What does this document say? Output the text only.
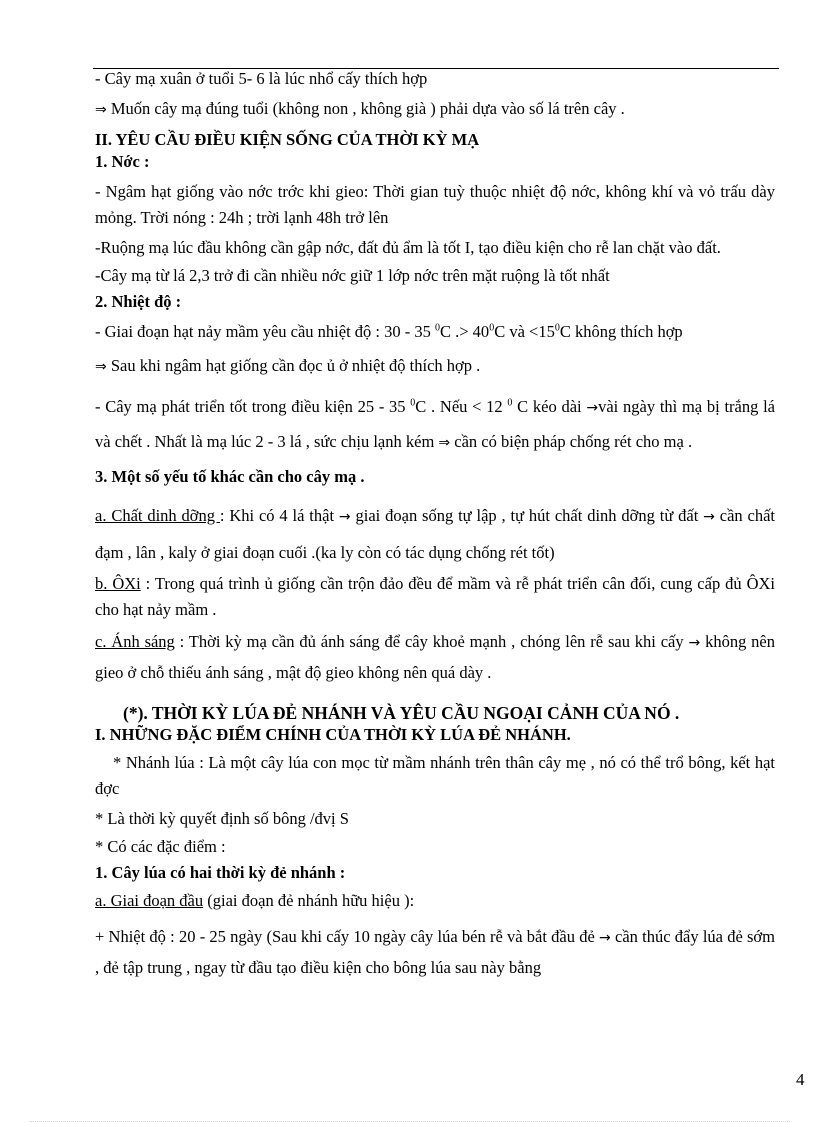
- Cây mạ xuân ở tuổi 5- 6 là lúc nhổ cấy thích hợp

⇒ Muốn cây mạ đúng tuổi (không non , không già ) phải dựa vào số lá trên cây .

II. YÊU CẦU ĐIỀU KIỆN SỐNG CỦA THỜI KỲ MẠ

1. Nớc :

- Ngâm hạt giống vào nớc trớc khi gieo: Thời gian tuỳ thuộc nhiệt độ nớc, không khí và vỏ trấu dày mỏng. Trời nóng : 24h ; trời lạnh 48h trở lên

-Ruộng mạ lúc đầu không cần gập nớc, đất đủ ẩm là tốt I, tạo điều kiện cho rễ lan chặt vào đất.

-Cây mạ từ lá 2,3 trở đi cần nhiều nớc giữ 1 lớp nớc trên mặt ruộng là tốt nhất

2. Nhiệt độ :

- Giai đoạn hạt nảy mầm yêu cầu nhiệt độ : 30 - 35 $^0$C .> $40^0C$ và $<15^0C$ không thích hợp

⇒ Sau khi ngâm hạt giống cần đọc ủ ở nhiệt độ thích hợp .

- Cây mạ phát triển tốt trong điều kiện 25 - 35 $^0$C . Nếu < 12 $^0$ C kéo dài →vài ngày thì mạ bị trắng lá và chết . Nhất là mạ lúc 2 - 3 lá , sức chịu lạnh kém ⇒ cần có biện pháp chống rét cho mạ .

3. Một số yếu tố khác cần cho cây mạ .

a. Chất dinh dỡng : Khi có 4 lá thật → giai đoạn sống tự lập , tự hút chất dinh dỡng từ đất → cần chất đạm , lân , kaly ở giai đoạn cuối .(ka ly còn có tác dụng chống rét tốt)

b. ÔXi : Trong quá trình ủ giống cần trộn đảo đều để mầm và rễ phát triển cân đối, cung cấp đủ ÔXi cho hạt nảy mầm .

c. Ánh sáng : Thời kỳ mạ cần đủ ánh sáng để cây khoẻ mạnh , chóng lên rễ sau khi cấy → không nên gieo ở chỗ thiếu ánh sáng , mật độ gieo không nên quá dày .

(*). THỜI KỲ LÚA ĐẺ NHÁNH VÀ YÊU CẦU NGOẠI CẢNH CỦA NÓ .

I. NHỮNG ĐẶC ĐIỂM CHÍNH CỦA THỜI KỲ LÚA ĐẺ NHÁNH.

* Nhánh lúa : Là một cây lúa con mọc từ mầm nhánh trên thân cây mẹ , nó có thể trổ bông, kết hạt đợc

* Là thời kỳ quyết định số bông /đvị S

* Có các đặc điểm :

1. Cây lúa có hai thời kỳ đẻ nhánh :

a. Giai đoạn đầu (giai đoạn đẻ nhánh hữu hiệu ):

+ Nhiệt độ : 20 - 25 ngày (Sau khi cấy 10 ngày cây lúa bén rễ và bắt đầu đẻ → cần thúc đẩy lúa đẻ sớm , đẻ tập trung , ngay từ đầu tạo điều kiện cho bông lúa sau này bằng

4
